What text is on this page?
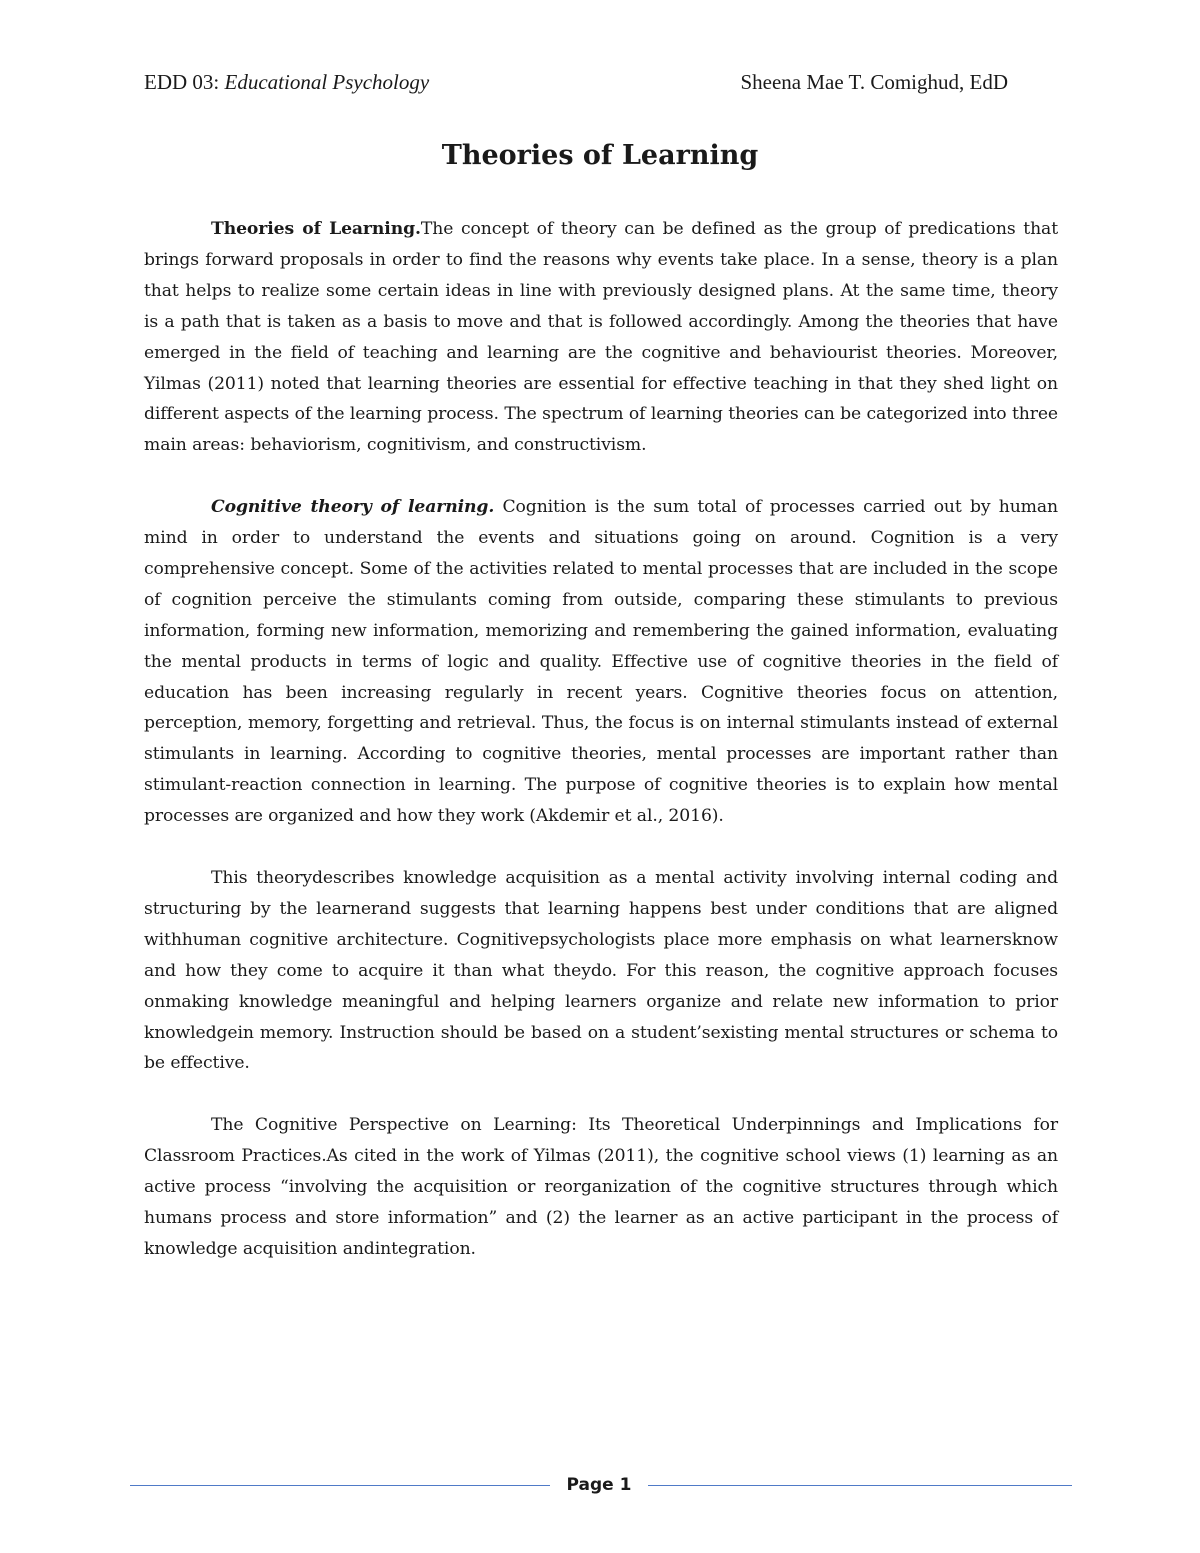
EDD 03: Educational Psychology	Sheena Mae T. Comighud, EdD
Theories of Learning

Theories of Learning.The concept of theory can be defined as the group of predications that brings forward proposals in order to find the reasons why events take place. In a sense, theory is a plan that helps to realize some certain ideas in line with previously designed plans. At the same time, theory is a path that is taken as a basis to move and that is followed accordingly. Among the theories that have emerged in the field of teaching and learning are the cognitive and behaviourist theories. Moreover, Yilmas (2011) noted that learning theories are essential for effective teaching in that they shed light on different aspects of the learning process. The spectrum of learning theories can be categorized into three main areas: behaviorism, cognitivism, and constructivism.

Cognitive theory of learning. Cognition is the sum total of processes carried out by human mind in order to understand the events and situations going on around. Cognition is a very comprehensive concept. Some of the activities related to mental processes that are included in the scope of cognition perceive the stimulants coming from outside, comparing these stimulants to previous information, forming new information, memorizing and remembering the gained information, evaluating the mental products in terms of logic and quality. Effective use of cognitive theories in the field of education has been increasing regularly in recent years. Cognitive theories focus on attention, perception, memory, forgetting and retrieval. Thus, the focus is on internal stimulants instead of external stimulants in learning. According to cognitive theories, mental processes are important rather than stimulant-reaction connection in learning. The purpose of cognitive theories is to explain how mental processes are organized and how they work (Akdemir et al., 2016).

This theorydescribes knowledge acquisition as a mental activity involving internal coding and structuring by the learnerand suggests that learning happens best under conditions that are aligned withhuman cognitive architecture. Cognitivepsychologists place more emphasis on what learnersknow and how they come to acquire it than what theydo. For this reason, the cognitive approach focuses onmaking knowledge meaningful and helping learners organize and relate new information to prior knowledgein memory. Instruction should be based on a student’sexisting mental structures or schema to be effective.

The Cognitive Perspective on Learning: Its Theoretical Underpinnings and Implications for Classroom Practices.As cited in the work of Yilmas (2011), the cognitive school views (1) learning as an active process “involving the acquisition or reorganization of the cognitive structures through which humans process and store information” and (2) the learner as an active participant in the process of knowledge acquisition andintegration.

Page 1
